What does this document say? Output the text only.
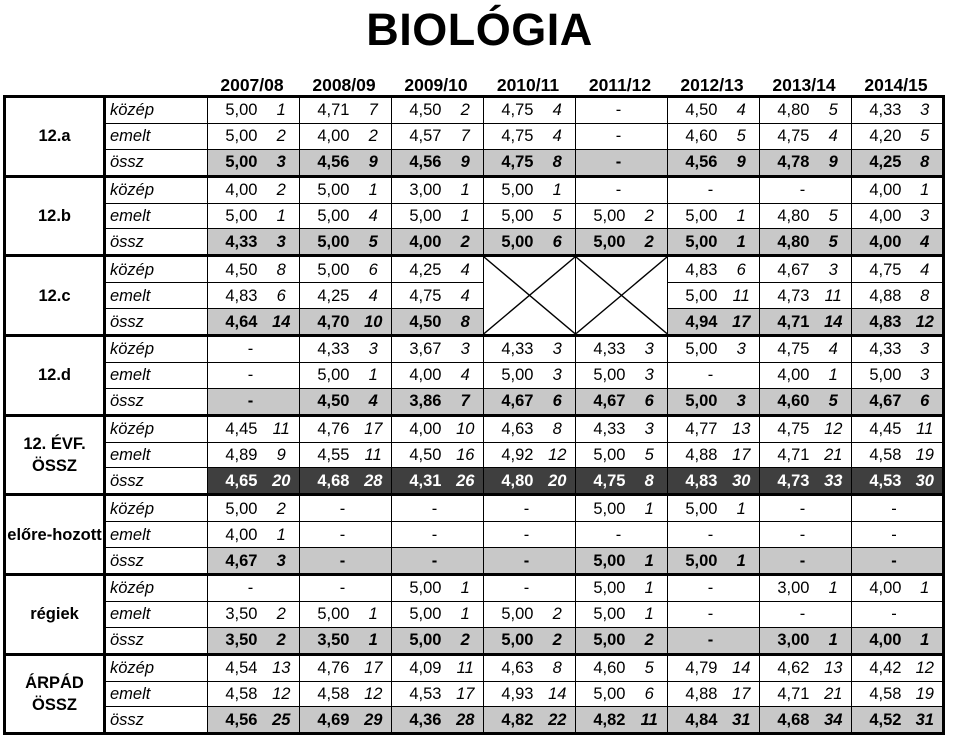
BIOLÓGIA
2007/08	2008/09	2009/10	2010/11	2011/12	2012/13	2013/14	2014/15
12.a	közép	5,00	1	4,71	7	4,50	2	4,75	4	-		4,50	4	4,80	5	4,33	3
	emelt	5,00	2	4,00	2	4,57	7	4,75	4	-		4,60	5	4,75	4	4,20	5
	össz	5,00	3	4,56	9	4,56	9	4,75	8	-		4,56	9	4,78	9	4,25	8
12.b	közép	4,00	2	5,00	1	3,00	1	5,00	1	-		-		-		4,00	1
	emelt	5,00	1	5,00	4	5,00	1	5,00	5	5,00	2	5,00	1	4,80	5	4,00	3
	össz	4,33	3	5,00	5	4,00	2	5,00	6	5,00	2	5,00	1	4,80	5	4,00	4
12.c	közép	4,50	8	5,00	6	4,25	4					4,83	6	4,67	3	4,75	4
	emelt	4,83	6	4,25	4	4,75	4					5,00	11	4,73	11	4,88	8
	össz	4,64	14	4,70	10	4,50	8					4,94	17	4,71	14	4,83	12
12.d	közép	-		4,33	3	3,67	3	4,33	3	4,33	3	5,00	3	4,75	4	4,33	3
	emelt	-		5,00	1	4,00	4	5,00	3	5,00	3	-		4,00	1	5,00	3
	össz	-		4,50	4	3,86	7	4,67	6	4,67	6	5,00	3	4,60	5	4,67	6
12. ÉVF. ÖSSZ	közép	4,45	11	4,76	17	4,00	10	4,63	8	4,33	3	4,77	13	4,75	12	4,45	11
	emelt	4,89	9	4,55	11	4,50	16	4,92	12	5,00	5	4,88	17	4,71	21	4,58	19
	össz	4,65	20	4,68	28	4,31	26	4,80	20	4,75	8	4,83	30	4,73	33	4,53	30
előre-hozott	közép	5,00	2	-		-		-		5,00	1	5,00	1	-		-	
	emelt	4,00	1	-		-		-		-		-		-		-	
	össz	4,67	3	-		-		-		5,00	1	5,00	1	-		-	
régiek	közép	-		-		5,00	1	-		5,00	1	-		3,00	1	4,00	1
	emelt	3,50	2	5,00	1	5,00	1	5,00	2	5,00	1	-		-		-	
	össz	3,50	2	3,50	1	5,00	2	5,00	2	5,00	2	-		3,00	1	4,00	1
ÁRPÁD ÖSSZ	közép	4,54	13	4,76	17	4,09	11	4,63	8	4,60	5	4,79	14	4,62	13	4,42	12
	emelt	4,58	12	4,58	12	4,53	17	4,93	14	5,00	6	4,88	17	4,71	21	4,58	19
	össz	4,56	25	4,69	29	4,36	28	4,82	22	4,82	11	4,84	31	4,68	34	4,52	31
